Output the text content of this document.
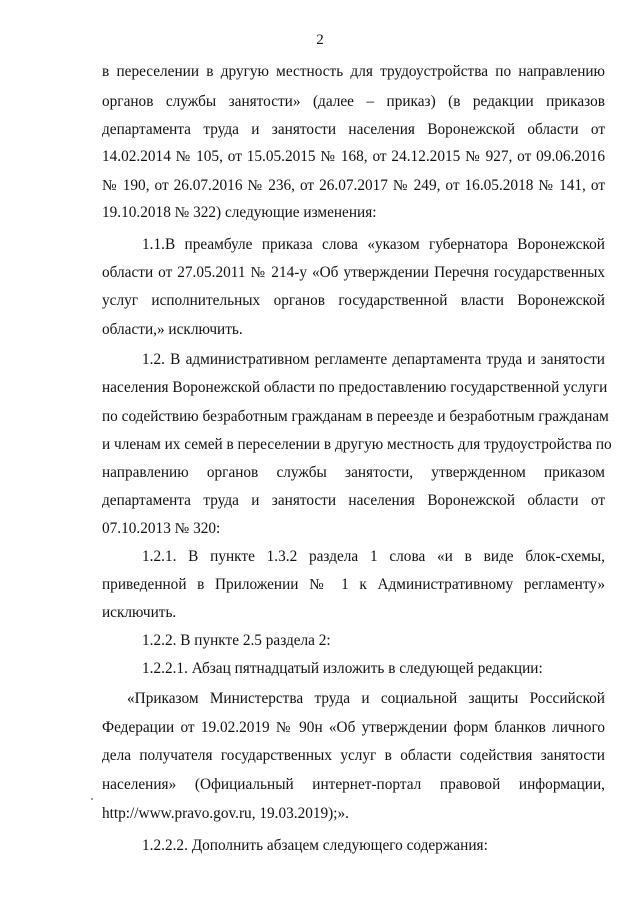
2
в переселении в другую местность для трудоустройства по направлению
органов службы занятости» (далее – приказ) (в редакции приказов
департамента труда и занятости населения Воронежской области от
14.02.2014 № 105, от 15.05.2015 № 168, от 24.12.2015 № 927, от 09.06.2016
№ 190, от 26.07.2016 № 236, от 26.07.2017 № 249, от 16.05.2018 № 141, от
19.10.2018 № 322) следующие изменения:
1.1.В преамбуле приказа слова «указом губернатора Воронежской
области от 27.05.2011 № 214-у «Об утверждении Перечня государственных
услуг исполнительных органов государственной власти Воронежской
области,» исключить.
1.2. В административном регламенте департамента труда и занятости
населения Воронежской области по предоставлению государственной услуги
по содействию безработным гражданам в переезде и безработным гражданам
и членам их семей в переселении в другую местность для трудоустройства по
направлению органов службы занятости, утвержденном приказом
департамента труда и занятости населения Воронежской области от
07.10.2013 № 320:
1.2.1. В пункте 1.3.2 раздела 1 слова «и в виде блок-схемы,
приведенной в Приложении № 1 к Административному регламенту»
исключить.
1.2.2. В пункте 2.5 раздела 2:
1.2.2.1. Абзац пятнадцатый изложить в следующей редакции:
«Приказом Министерства труда и социальной защиты Российской
Федерации от 19.02.2019 № 90н «Об утверждении форм бланков личного
дела получателя государственных услуг в области содействия занятости
населения» (Официальный интернет-портал правовой информации,
http://www.pravo.gov.ru, 19.03.2019);».
1.2.2.2. Дополнить абзацем следующего содержания:
